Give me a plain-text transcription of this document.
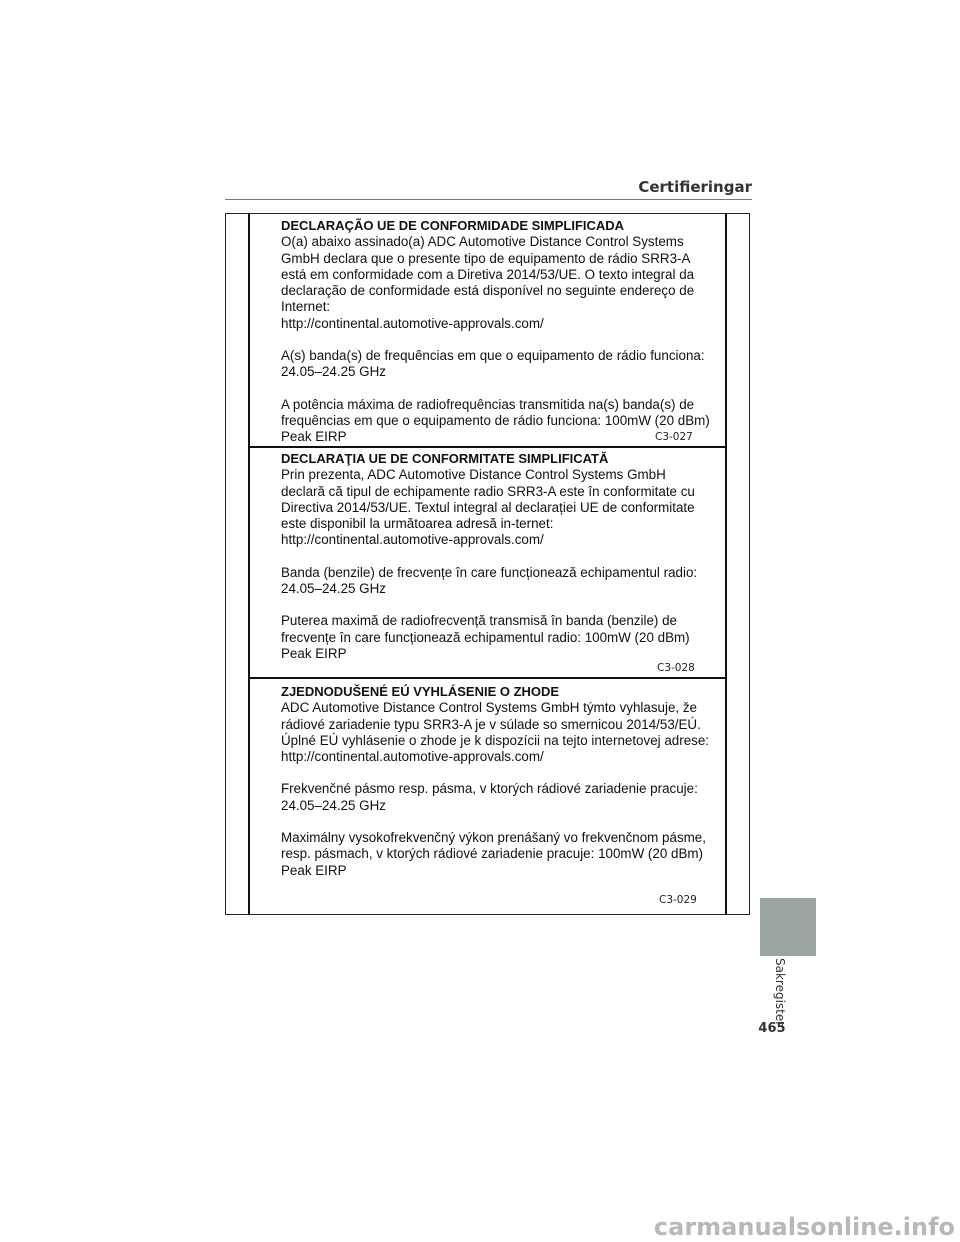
Certifieringar

DECLARAÇÃO UE DE CONFORMIDADE SIMPLIFICADA

O(a) abaixo assinado(a) ADC Automotive Distance Control Systems
GmbH declara que o presente tipo de equipamento de rádio SRR3-A
está em conformidade com a Diretiva 2014/53/UE. O texto integral da
declaração de conformidade está disponível no seguinte endereço de
Internet:
http://continental.automotive-approvals.com/

A(s) banda(s) de frequências em que o equipamento de rádio funciona:
24.05–24.25 GHz

A potência máxima de radiofrequências transmitida na(s) banda(s) de
frequências em que o equipamento de rádio funciona: 100mW (20 dBm)
Peak EIRP	C3-027

DECLARAŢIA UE DE CONFORMITATE SIMPLIFICATĂ

Prin prezenta, ADC Automotive Distance Control Systems GmbH
declară că tipul de echipamente radio SRR3-A este în conformitate cu
Directiva 2014/53/UE. Textul integral al declarației UE de conformitate
este disponibil la următoarea adresă in-ternet:
http://continental.automotive-approvals.com/

Banda (benzile) de frecvențe în care funcționează echipamentul radio:
24.05–24.25 GHz

Puterea maximă de radiofrecvență transmisă în banda (benzile) de
frecvențe în care funcționează echipamentul radio: 100mW (20 dBm)
Peak EIRP

C3-028

ZJEDNODUŠENÉ EÚ VYHLÁSENIE O ZHODE

ADC Automotive Distance Control Systems GmbH týmto vyhlasuje, že
rádiové zariadenie typu SRR3-A je v súlade so smernicou 2014/53/EÚ.
Úplné EÚ vyhlásenie o zhode je k dispozícii na tejto internetovej adrese:
http://continental.automotive-approvals.com/

Frekvenčné pásmo resp. pásma, v ktorých rádiové zariadenie pracuje:
24.05–24.25 GHz

Maximálny vysokofrekvenčný výkon prenášaný vo frekvenčnom pásme,
resp. pásmach, v ktorých rádiové zariadenie pracuje: 100mW (20 dBm)
Peak EIRP

C3-029
Sakregister
465
carmanualsonline.info
